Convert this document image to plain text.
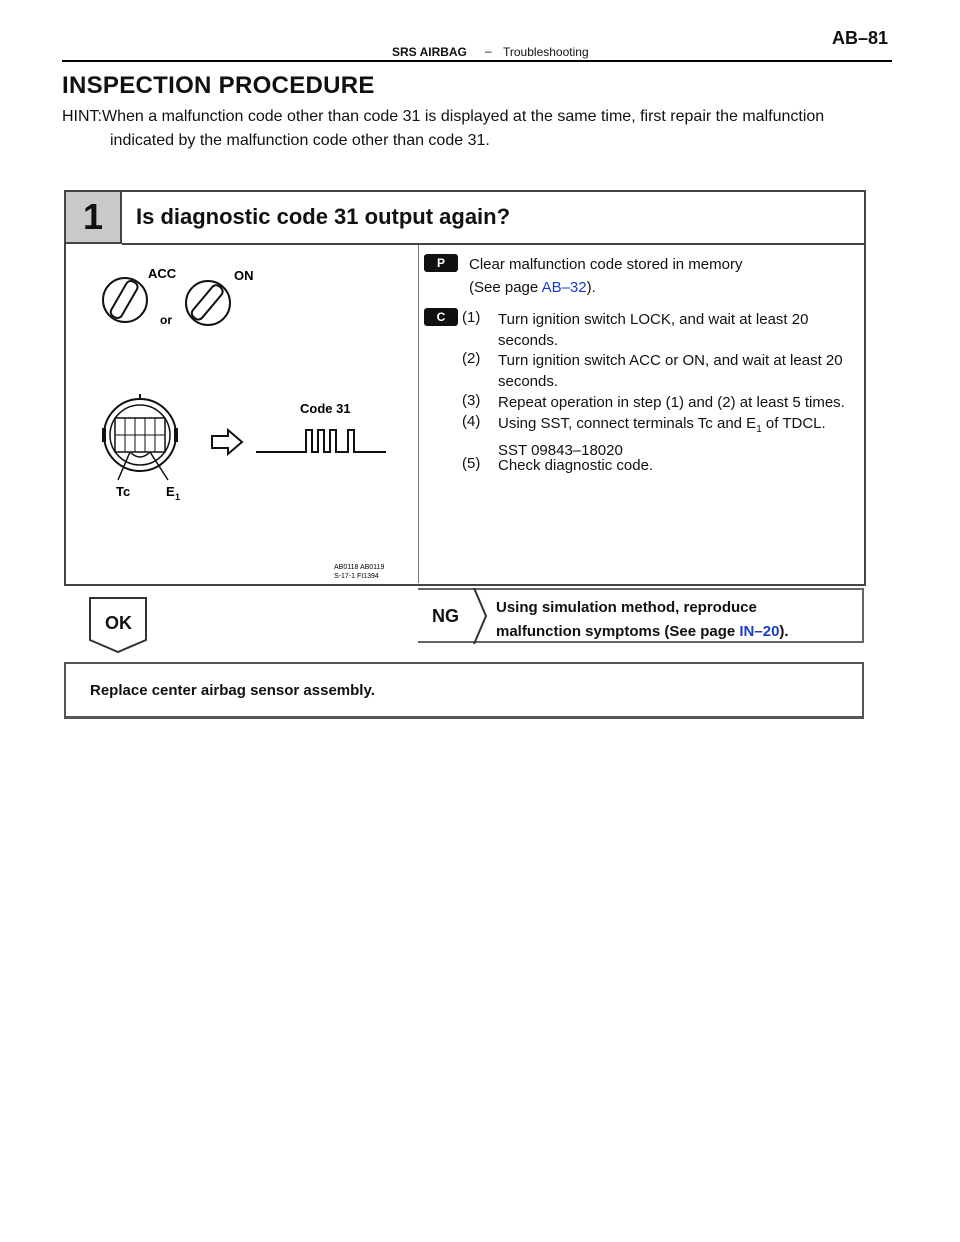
AB–81
SRS AIRBAG – Troubleshooting
INSPECTION PROCEDURE
HINT:When a malfunction code other than code 31 is displayed at the same time, first repair the malfunction
indicated by the malfunction code other than code 31.
1	Is diagnostic code 31 output again?
ACC
or
ON
Tc	E 1
Code 31
AB0118 AB0119
S-17-1 FI1394
P	Clear malfunction code stored in memory
(See page AB–32).
C	(1) Turn ignition switch LOCK, and wait at least 20
seconds.
(2) Turn ignition switch ACC or ON, and wait at least 20
seconds.
(3) Repeat operation in step (1) and (2) at least 5 times.
(4) Using SST, connect terminals Tc and $E_1$ of TDCL.
SST 09843–18020
(5) Check diagnostic code.
OK	NG Using simulation method, reproduce
malfunction symptoms (See page IN–20).
Replace center airbag sensor assembly.
